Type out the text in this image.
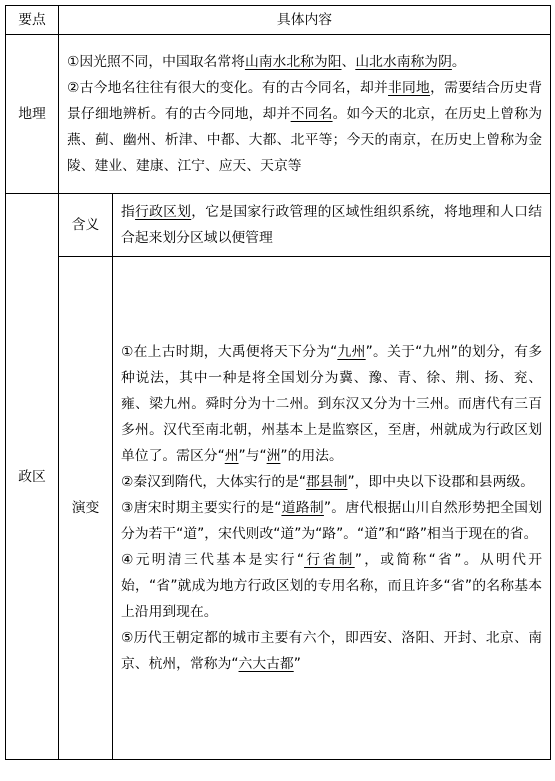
要点	具体内容	
地理	①因光照不同，中国取名常将山南水北称为阳、山北水南称为阴。
②古今地名往往有很大的变化。有的古今同名，却并非同地，需要结合历史背景仔细地辨析。有的古今同地，却并不同名。如今天的北京，在历史上曾称为燕、蓟、幽州、析津、中都、大都、北平等；今天的南京，在历史上曾称为金陵、建业、建康、江宁、应天、天京等	

政区	含义	指行政区划，它是国家行政管理的区域性组织系统，将地理和人口结合起来划分区域以便管理
	演变	①在上古时期，大禹便将天下分为“九州”。关于“九州”的划分，有多种说法，其中一种是将全国划分为冀、豫、青、徐、荆、扬、兖、雍、梁九州。舜时分为十二州。到东汉又分为十三州。而唐代有三百多州。汉代至南北朝，州基本上是监察区，至唐，州就成为行政区划单位了。需区分“州”与“洲”的用法。
②秦汉到隋代，大体实行的是“郡县制”，即中央以下设郡和县两级。
③唐宋时期主要实行的是“道路制”。唐代根据山川自然形势把全国划分为若干“道”，宋代则改“道”为“路”。“道”和“路”相当于现在的省。
④元明清三代基本是实行“行省制”，或简称“省”。从明代开始，“省”就成为地方行政区划的专用名称，而且许多“省”的名称基本上沿用到现在。
⑤历代王朝定都的城市主要有六个，即西安、洛阳、开封、北京、南京、杭州，常称为“六大古都”
